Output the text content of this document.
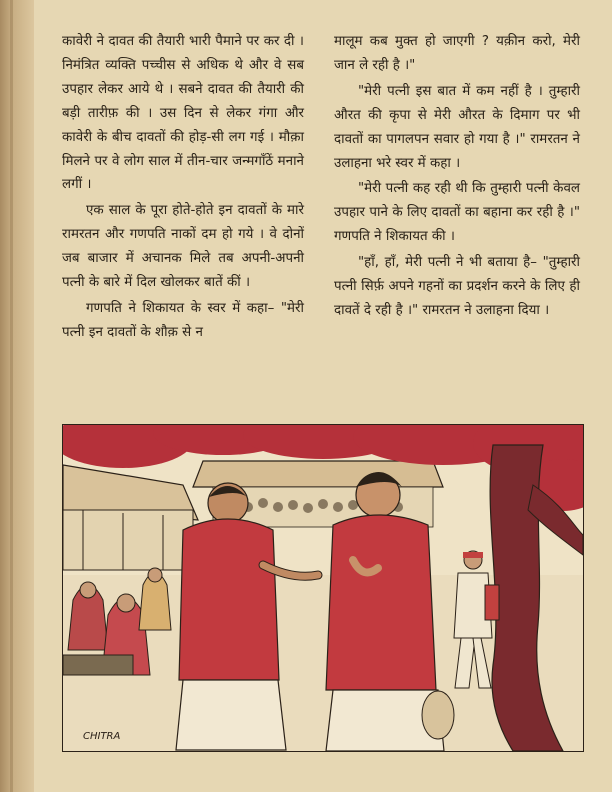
कावेरी ने दावत की तैयारी भारी पैमाने पर कर दी । निमंत्रित व्यक्ति पच्चीस से अधिक थे और वे सब उपहार लेकर आये थे । सबने दावत की तैयारी की बड़ी तारीफ़ की । उस दिन से लेकर गंगा और कावेरी के बीच दावतों की होड़-सी लग गई । मौक़ा मिलने पर वे लोग साल में तीन-चार जन्मगाँठें मनाने लगीं ।

एक साल के पूरा होते-होते इन दावतों के मारे रामरतन और गणपति नाकों दम हो गये । वे दोनों जब बाजार में अचानक मिले तब अपनी-अपनी पत्नी के बारे में दिल खोलकर बातें कीं ।

गणपति ने शिकायत के स्वर में कहा– "मेरी पत्नी इन दावतों के शौक़ से न

मालूम कब मुक्त हो जाएगी ? यक़ीन करो, मेरी जान ले रही है ।"

"मेरी पत्नी इस बात में कम नहीं है । तुम्हारी औरत की कृपा से मेरी औरत के दिमाग पर भी दावतों का पागलपन सवार हो गया है ।" रामरतन ने उलाहना भरे स्वर में कहा ।

"मेरी पत्नी कह रही थी कि तुम्हारी पत्नी केवल उपहार पाने के लिए दावतों का बहाना कर रही है ।" गणपति ने शिकायत की ।

"हाँ, हाँ, मेरी पत्नी ने भी बताया है– "तुम्हारी पत्नी सिर्फ़ अपने गहनों का प्रदर्शन करने के लिए ही दावतें दे रही है ।" रामरतन ने उलाहना दिया ।

CHITRA
